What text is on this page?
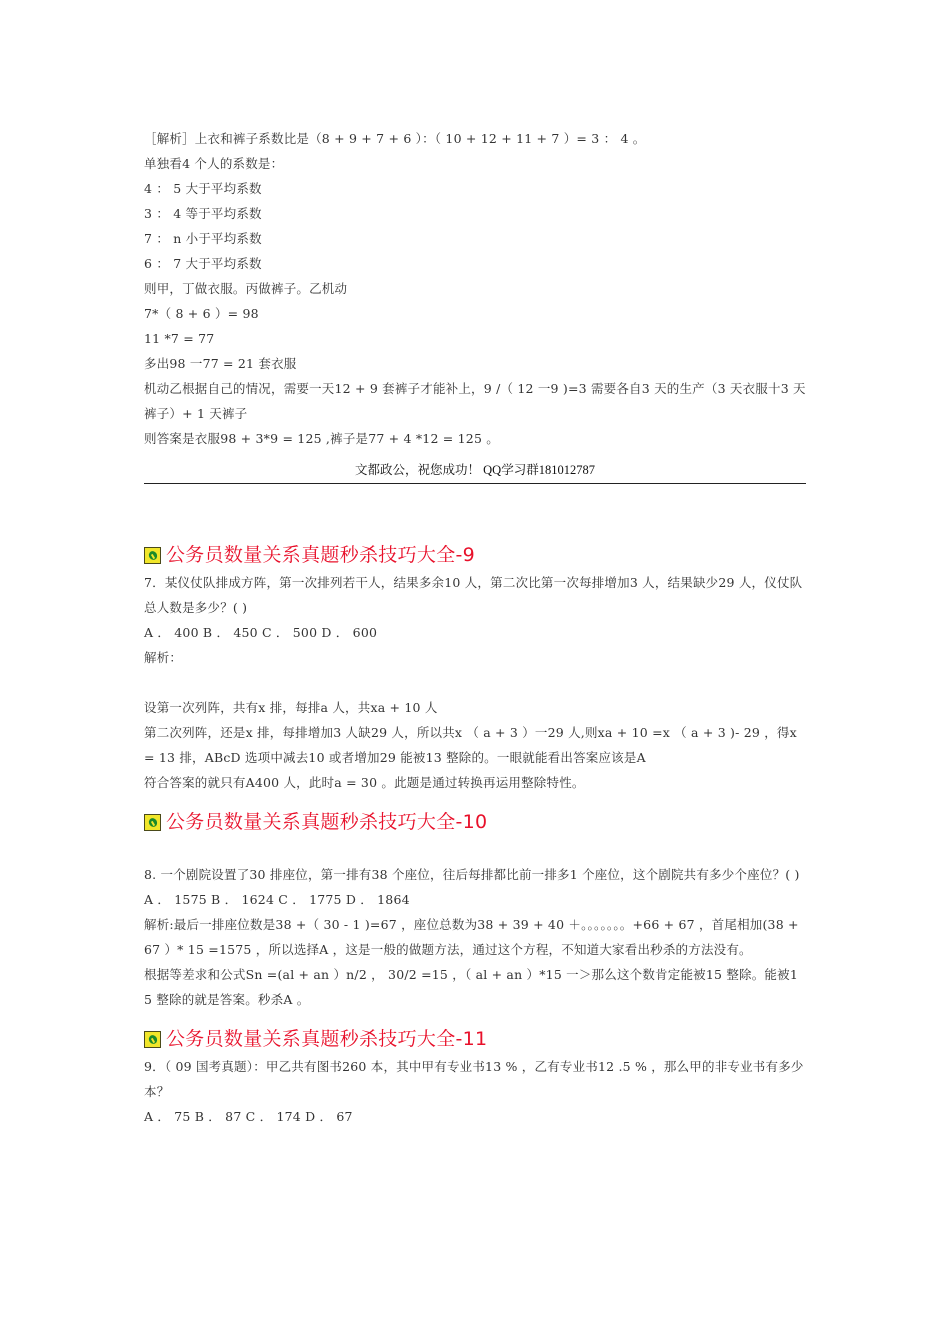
［解析］上衣和裤子系数比是（8 + 9 + 7 + 6 ）：（ 10 + 12 + 11 + 7 ）= 3 ： 4 。
单独看4 个人的系数是：
4 ： 5 大于平均系数
3 ： 4 等于平均系数
7 ： n 小于平均系数
6 ： 7 大于平均系数
则甲，丁做衣服。丙做裤子。乙机动
7*（ 8 + 6 ）= 98
11 *7 = 77
多出98 一77 = 21 套衣服
机动乙根据自己的情况，需要一天12 + 9 套裤子才能补上，9 /（ 12 一9 )=3 需要各自3 天的生产（3 天衣服十3 天裤子）+ 1 天裤子
则答案是衣服98 + 3*9 = 125 ,裤子是77 + 4 *12 = 125 。
文都政公，祝您成功！ QQ学习群181012787
公务员数量关系真题秒杀技巧大全-9
7．某仪仗队排成方阵，第一次排列若干人，结果多余10 人，第二次比第一次每排增加3 人，结果缺少29 人，仪仗队总人数是多少？( )
A ． 400 B ． 450 C ． 500 D ． 600
解析：
设第一次列阵，共有x 排，每排a 人，共xa + 10 人
第二次列阵，还是x 排，每排增加3 人缺29 人，所以共x （ a + 3 ）一29 人,则xa + 10 =x （ a + 3 )- 29 ，得x = 13 排，ABcD 选项中减去10 或者增加29 能被13 整除的。一眼就能看出答案应该是A
符合答案的就只有A400 人，此时a = 30 。此题是通过转换再运用整除特性。
公务员数量关系真题秒杀技巧大全-10
8. 一个剧院设置了30 排座位，第一排有38 个座位，往后每排都比前一排多1 个座位，这个剧院共有多少个座位？( )
A ． 1575 B ． 1624 C ． 1775 D ． 1864
解析:最后一排座位数是38 +（ 30 - 1 )=67 ，座位总数为38 + 39 + 40 ＋。。。。。。。+66 + 67 ，首尾相加(38 + 67 ）* 15 =1575 ，所以选择A ，这是一般的做题方法，通过这个方程，不知道大家看出秒杀的方法没有。
根据等差求和公式Sn =(al + an ）n/2 ， 30/2 =15 ，（ al + an ）*15 一＞那么这个数肯定能被15 整除。能被15 整除的就是答案。秒杀A 。
公务员数量关系真题秒杀技巧大全-11
9．（ 09 国考真题）：甲乙共有图书260 本，其中甲有专业书13 % ，乙有专业书12 .5 % ，那么甲的非专业书有多少本？
A ． 75 B ． 87 C ． 174 D ． 67
